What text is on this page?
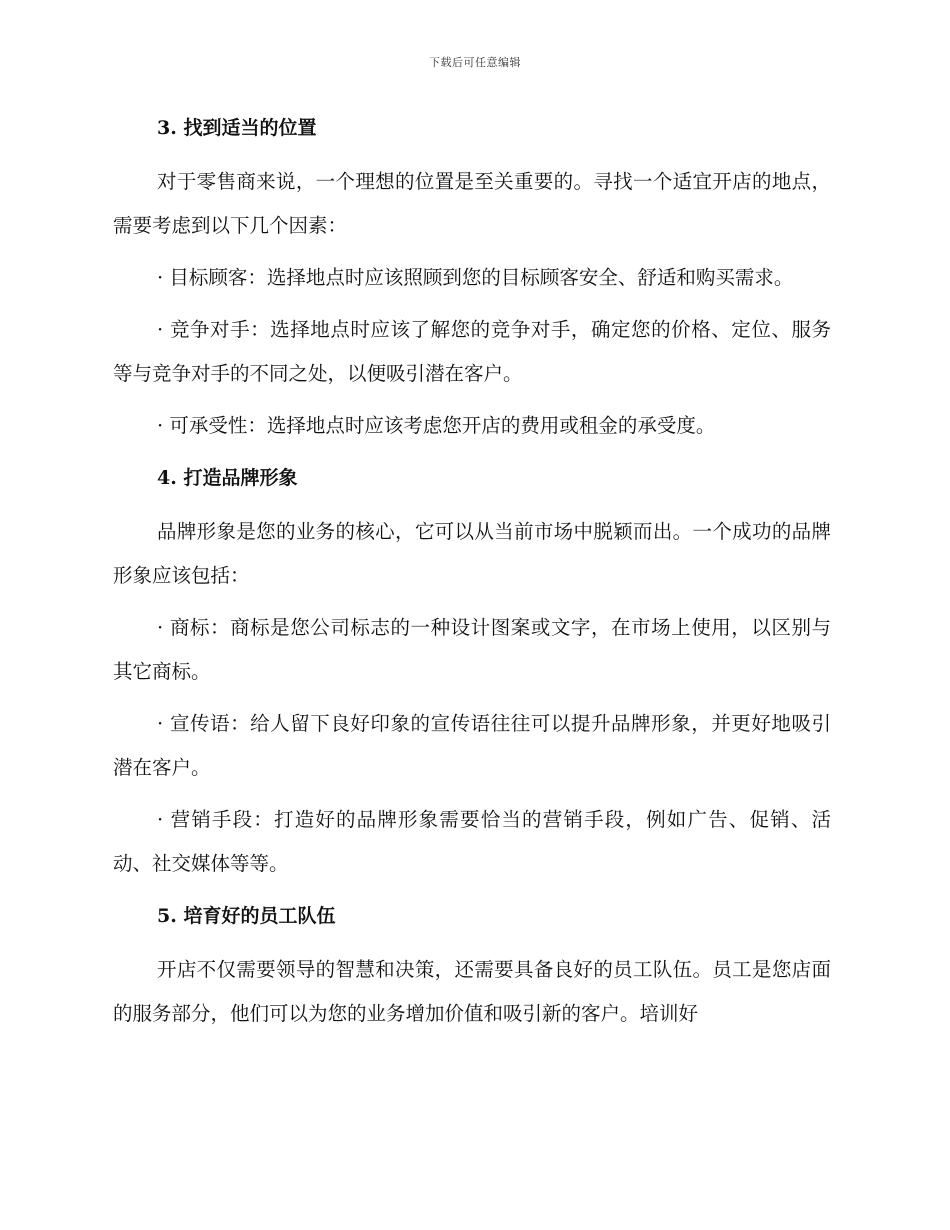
下载后可任意编辑
3. 找到适当的位置
对于零售商来说，一个理想的位置是至关重要的。寻找一个适宜开店的地点，需要考虑到以下几个因素：
· 目标顾客：选择地点时应该照顾到您的目标顾客安全、舒适和购买需求。
· 竞争对手：选择地点时应该了解您的竞争对手，确定您的价格、定位、服务等与竞争对手的不同之处，以便吸引潜在客户。
· 可承受性：选择地点时应该考虑您开店的费用或租金的承受度。
4. 打造品牌形象
品牌形象是您的业务的核心，它可以从当前市场中脱颖而出。一个成功的品牌形象应该包括：
· 商标：商标是您公司标志的一种设计图案或文字，在市场上使用，以区别与其它商标。
· 宣传语：给人留下良好印象的宣传语往往可以提升品牌形象，并更好地吸引潜在客户。
· 营销手段：打造好的品牌形象需要恰当的营销手段，例如广告、促销、活动、社交媒体等等。
5. 培育好的员工队伍
开店不仅需要领导的智慧和决策，还需要具备良好的员工队伍。员工是您店面的服务部分，他们可以为您的业务增加价值和吸引新的客户。培训好
